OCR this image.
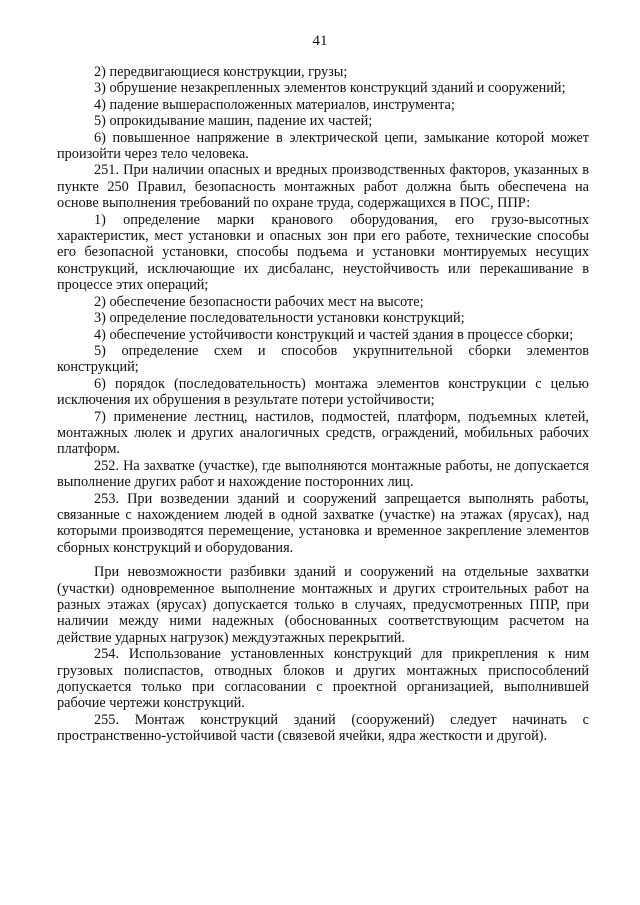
41

2) передвигающиеся конструкции, грузы;

3) обрушение незакрепленных элементов конструкций зданий и сооружений;

4) падение вышерасположенных материалов, инструмента;

5) опрокидывание машин, падение их частей;

6) повышенное напряжение в электрической цепи, замыкание которой может произойти через тело человека.

251. При наличии опасных и вредных производственных факторов, указанных в пункте 250 Правил, безопасность монтажных работ должна быть обеспечена на основе выполнения требований по охране труда, содержащихся в ПОС, ППР:

1) определение марки кранового оборудования, его грузо-высотных характеристик, мест установки и опасных зон при его работе, технические способы его безопасной установки, способы подъема и установки монтируемых несущих конструкций, исключающие их дисбаланс, неустойчивость или перекашивание в процессе этих операций;

2) обеспечение безопасности рабочих мест на высоте;

3) определение последовательности установки конструкций;

4) обеспечение устойчивости конструкций и частей здания в процессе сборки;

5) определение схем и способов укрупнительной сборки элементов конструкций;

6) порядок (последовательность) монтажа элементов конструкции с целью исключения их обрушения в результате потери устойчивости;

7) применение лестниц, настилов, подмостей, платформ, подъемных клетей, монтажных люлек и других аналогичных средств, ограждений, мобильных рабочих платформ.

252. На захватке (участке), где выполняются монтажные работы, не допускается выполнение других работ и нахождение посторонних лиц.

253. При возведении зданий и сооружений запрещается выполнять работы, связанные с нахождением людей в одной захватке (участке) на этажах (ярусах), над которыми производятся перемещение, установка и временное закрепление элементов сборных конструкций и оборудования.

При невозможности разбивки зданий и сооружений на отдельные захватки (участки) одновременное выполнение монтажных и других строительных работ на разных этажах (ярусах) допускается только в случаях, предусмотренных ППР, при наличии между ними надежных (обоснованных соответствующим расчетом на действие ударных нагрузок) междуэтажных перекрытий.

254. Использование установленных конструкций для прикрепления к ним грузовых полиспастов, отводных блоков и других монтажных приспособлений допускается только при согласовании с проектной организацией, выполнившей рабочие чертежи конструкций.

255. Монтаж конструкций зданий (сооружений) следует начинать с пространственно-устойчивой части (связевой ячейки, ядра жесткости и другой).
